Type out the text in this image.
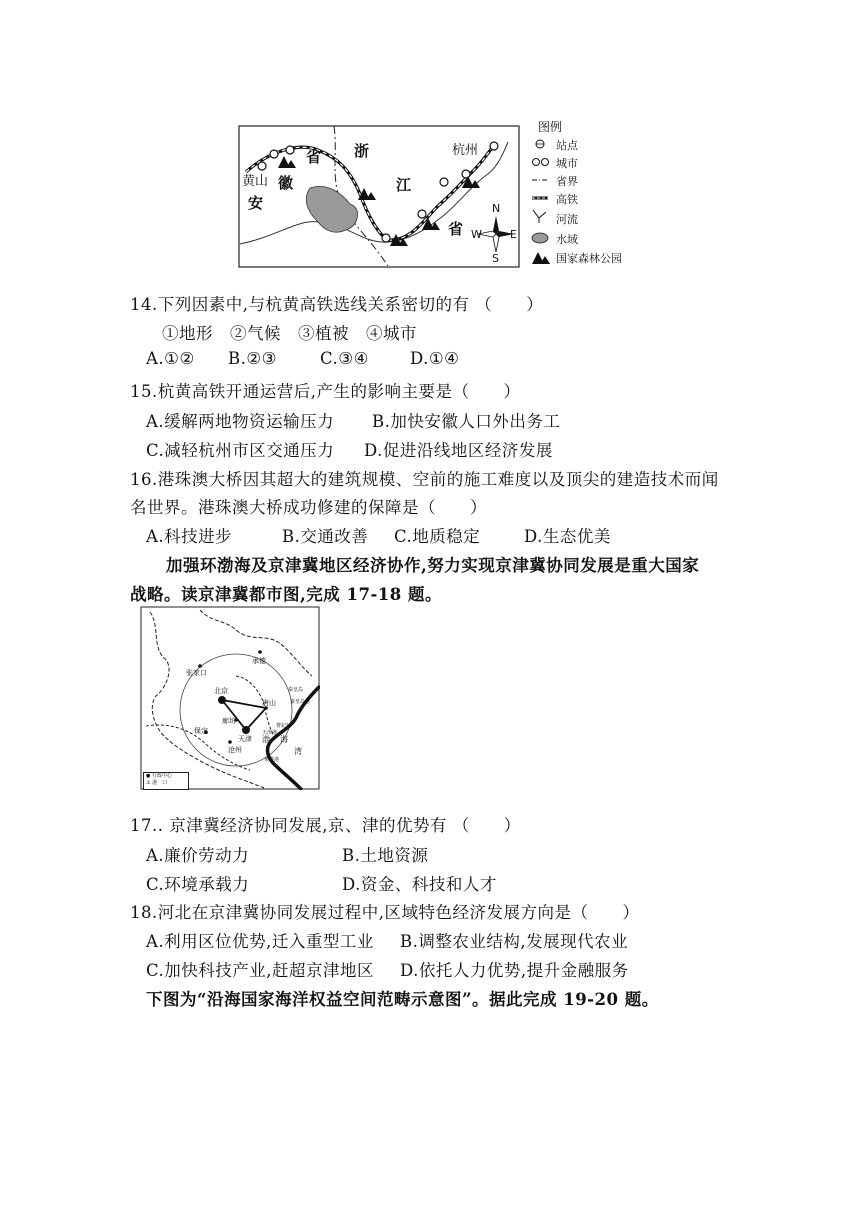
图例
站点
城市
省界
高铁
河流
水域
国家森林公园
黄山
杭州
省 浙
徽	江
安
省
N
S
W	E
14.下列因素中,与杭黄高铁选线关系密切的有 （　　）
①地形　②气候　③植被　④城市
A.①② B.②③	C.③④ D.①④
15.杭黄高铁开通运营后,产生的影响主要是（　　）
A.缓解两地物资运输压力 B.加快安徽人口外出务工
C.减轻杭州市区交通压力 D.促进沿线地区经济发展
16.港珠澳大桥因其超大的建筑规模、空前的施工难度以及顶尖的建造技术而闻
名世界。港珠澳大桥成功修建的保障是（　　）
A.科技进步	B.交通改善 C.地质稳定	D.生态优美
加强环渤海及京津冀地区经济协作,努力实现京津冀协同发展是重大国家
战略。读京津冀都市图,完成 17-18 题。
承德
张家口
北京
唐山
廊坊
天津
保定
沧州
渤 海
湾
秦皇岛
秦皇岛港
曹妃甸
天津港
黄骅港
● 行政中心
⚓ 港　口
17.. 京津冀经济协同发展,京、津的优势有 （　　）
A.廉价劳动力	B.土地资源
C.环境承载力	D.资金、科技和人才
18.河北在京津冀协同发展过程中,区域特色经济发展方向是（　　）
A.利用区位优势,迁入重型工业 B.调整农业结构,发展现代农业
C.加快科技产业,赶超京津地区 D.依托人力优势,提升金融服务
下图为“沿海国家海洋权益空间范畴示意图”。据此完成 19-20 题。
